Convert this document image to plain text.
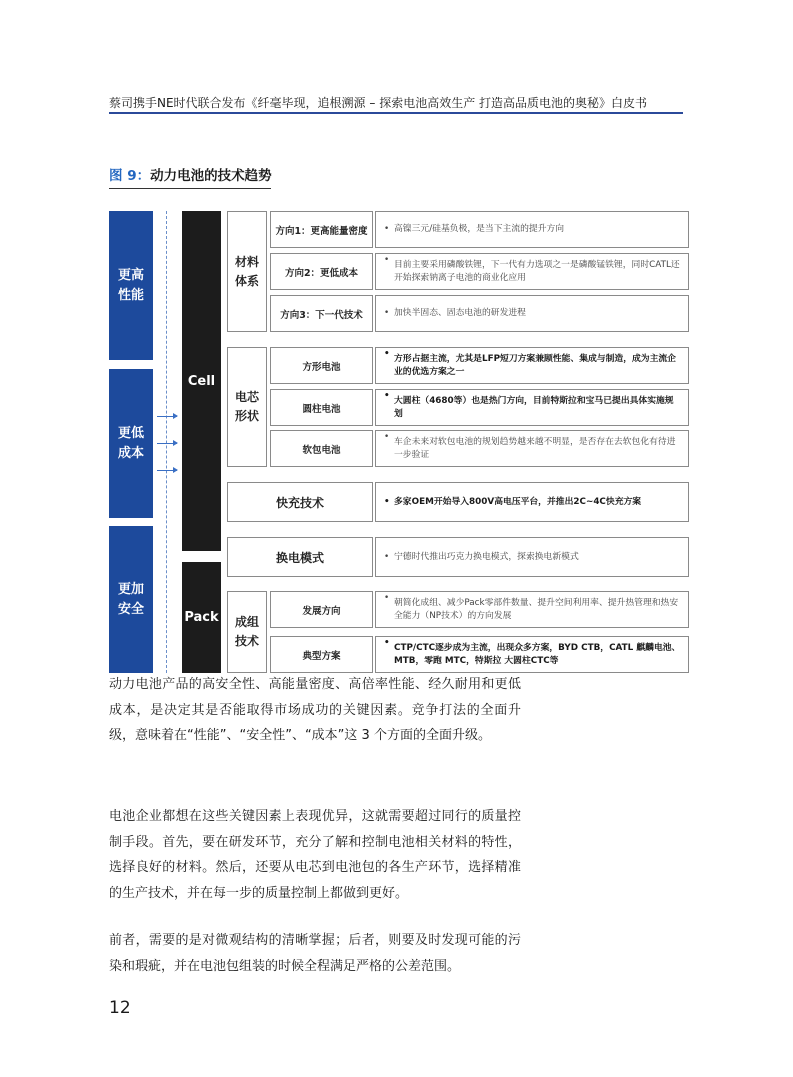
蔡司携手NE时代联合发布《纤毫毕现，追根溯源 – 探索电池高效生产 打造高品质电池的奥秘》白皮书
图 9：动力电池的技术趋势
更高
性能
更低
成本
更加
安全
Cell
Pack
材料
体系
电芯
形状
成组
技术
方向1：更高能量密度
方向2：更低成本
方向3：下一代技术
方形电池
圆柱电池
软包电池
快充技术
换电模式
发展方向
典型方案
• 高镍三元/硅基负极，是当下主流的提升方向
• 目前主要采用磷酸铁锂，下一代有力选项之一是磷酸锰铁锂，同时CATL还开始探索钠离子电池的商业化应用
• 加快半固态、固态电池的研发进程
• 方形占据主流，尤其是LFP短刀方案兼顾性能、集成与制造，成为主流企业的优选方案之一
• 大圆柱（4680等）也是热门方向，目前特斯拉和宝马已提出具体实施规划
• 车企未来对软包电池的规划趋势越来越不明显，是否存在去软包化有待进一步验证
• 多家OEM开始导入800V高电压平台，并推出2C~4C快充方案
• 宁德时代推出巧克力换电模式，探索换电新模式
• 朝简化成组、减少Pack零部件数量、提升空间利用率、提升热管理和热安全能力（NP技术）的方向发展
• CTP/CTC逐步成为主流，出现众多方案，BYD CTB，CATL 麒麟电池、MTB，零跑 MTC，特斯拉 大圆柱CTC等

动力电池产品的高安全性、高能量密度、高倍率性能、经久耐用和更低成本，是决定其是否能取得市场成功的关键因素。竞争打法的全面升级，意味着在“性能”、“安全性”、“成本”这 3 个方面的全面升级。

电池企业都想在这些关键因素上表现优异，这就需要超过同行的质量控制手段。首先，要在研发环节，充分了解和控制电池相关材料的特性，选择良好的材料。然后，还要从电芯到电池包的各生产环节，选择精准的生产技术，并在每一步的质量控制上都做到更好。

前者，需要的是对微观结构的清晰掌握；后者，则要及时发现可能的污染和瑕疵，并在电池包组装的时候全程满足严格的公差范围。

12
